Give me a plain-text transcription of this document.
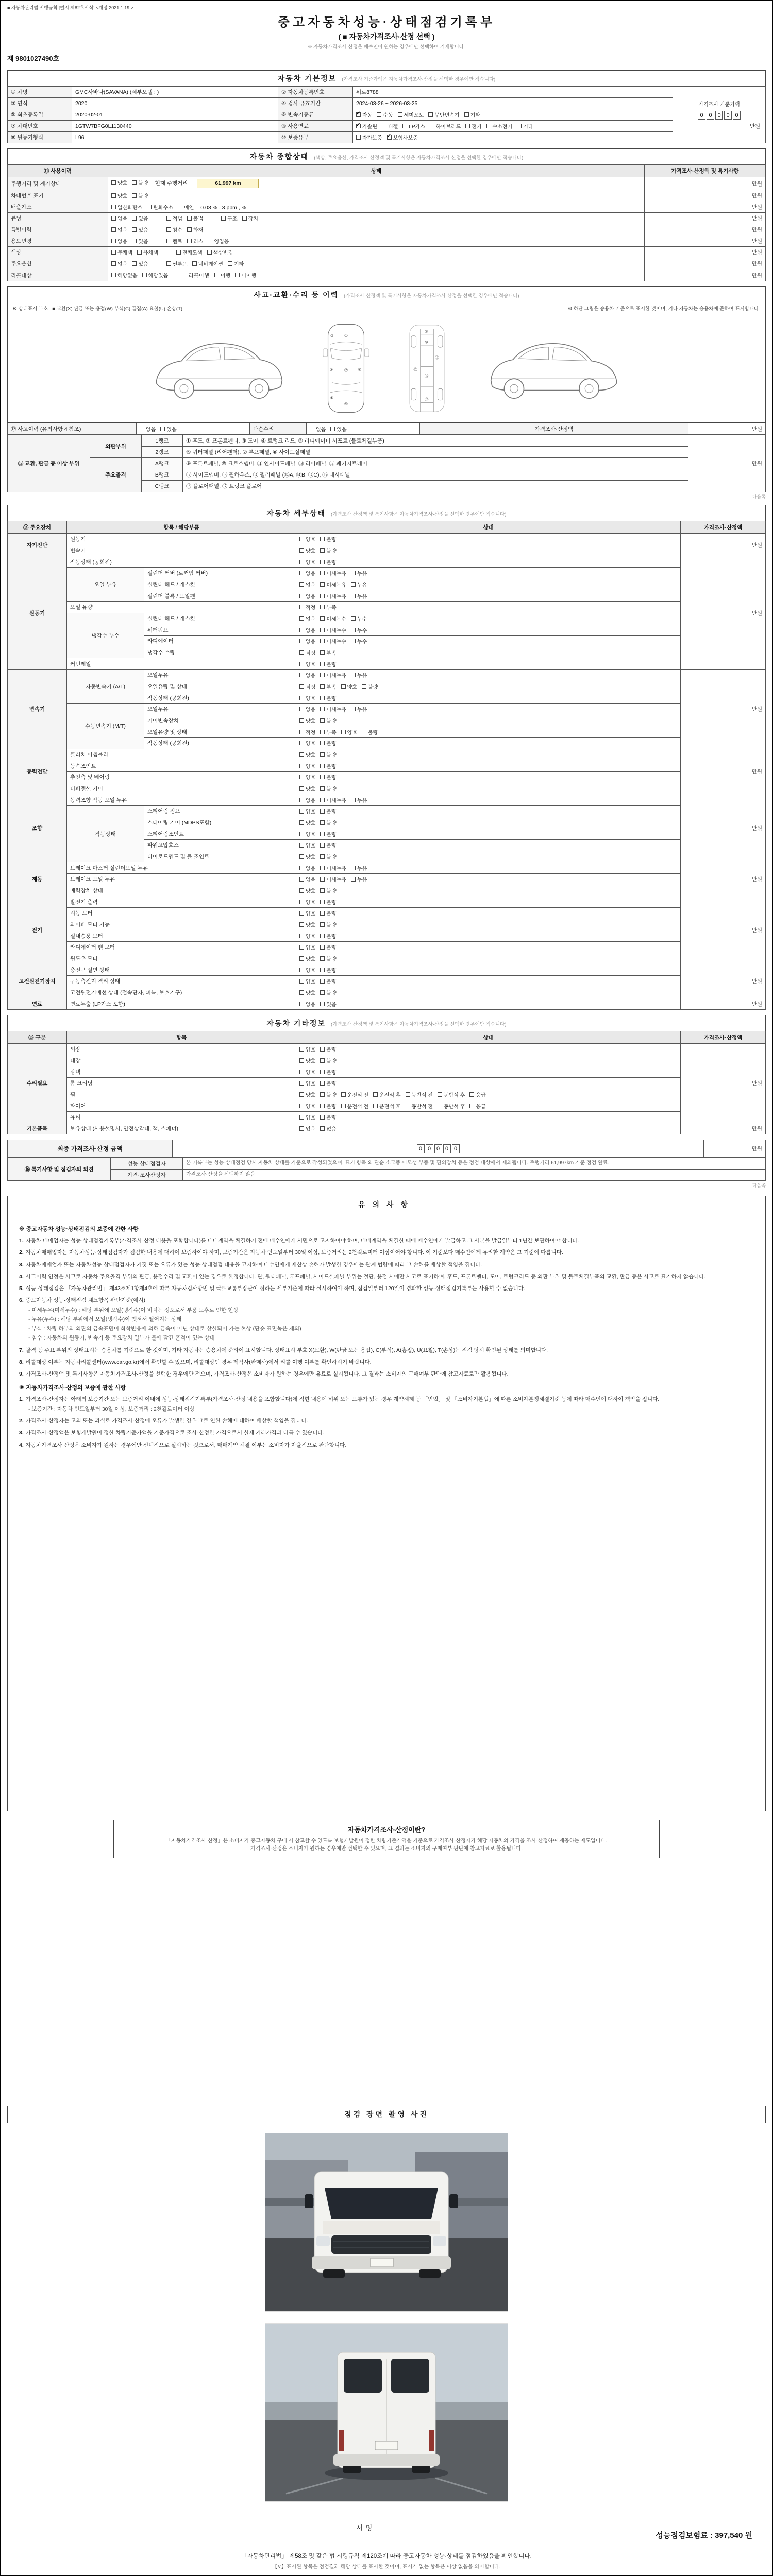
■ 자동차관리법 시행규칙 [별지 제82호서식] <개정 2021.1.19.>
중고자동차성능·상태점검기록부
( ■ 자동차가격조사·산정 선택 )
※ 자동차가격조사·산정은 매수인이 원하는 경우에만 선택하여 기재합니다.
제 9801027490호
자동차 기본정보 (가격조사 기준가액은 자동차가격조사·산정을 선택한 경우에만 적습니다)
① 차명	GMC사바나(SAVANA) (세부모델 : )	② 자동차등록번호	워로8788	가격조사 기준가액
0 0 0 0 0
만원

③ 연식	2020	④ 검사 유효기간	2024-03-26 ~ 2026-03-25	
⑤ 최초등록일	2020-02-01	⑥ 변속기종류	
✔자동 수동 세미오토 무단변속기 기타

⑦ 차대번호	1GTW7BFG0L1130440	⑧ 사용연료	
✔가솔린 디젤 LP가스 하이브리드 전기 수소전기 기타

⑨ 원동기형식	L96	⑩ 보증유무	자가보증 ✔ 보험사보증
자동차 종합상태 (색상, 주요옵션, 가격조사·산정액 및 특기사항은 자동차가격조사·산정을 선택한 경우에만 적습니다)
⑪ 사용이력	상태	가격조사·산정액 및 특기사항
주행거리 및 계기상태	양호 불량 현재 주행거리 61,997 km	만원
차대번호 표기	양호 불량	만원
배출가스	일산화탄소 탄화수소 매연 0.03 % , 3 ppm , %	만원
튜닝	없음 있음	적법 불법	구조 장치	만원
특별이력	없음 있음 침수 화재	만원
용도변경	없음 있음 렌트 리스 영업용	만원
색상	무채색 유채색 전체도색 색상변경	만원
주요옵션	없음 있음 썬루프 네비게이션 기타	만원
리콜대상	해당없음 해당있음 리콜이행 이행 미이행	만원
사고·교환·수리 등 이력 (가격조사·산정액 및 특기사항은 자동차가격조사·산정을 선택한 경우에만 적습니다)
※ 상태표시 부호 : ■ 교환(X) 판금 또는 용접(W) 부식(C) 흠집(A) 요철(U) 손상(T)	※ 하단 그림은 승용차 기준으로 표시한 것이며, 기타 자동차는 승용차에 준하여 표시합니다.
①
②
③ ⑦ ⑧
⑥
④
⑨
⑩
⑫
⑬
⑯
⑰
⑫ 사고이력 (유의사항 4 참조)	없음 있음	단순수리	없음 있음	가격조사·산정액	만원
⑬ 교환, 판금 등 이상 부위	외판부위	1랭크	① 후드, ② 프론트펜더, ③ 도어, ④ 트렁크 리드, ⑤ 라디에이터 서포트 (볼트체결부품)	만원
		2랭크	⑥ 쿼터패널 (리어펜더), ⑦ 루프패널, ⑧ 사이드실패널	
	주요골격	A랭크	⑨ 프론트패널, ⑩ 크로스멤버, ⑪ 인사이드패널, ⑱ 리어패널, ⑲ 패키지트레이	
		B랭크	⑫ 사이드멤버, ⑬ 휠하우스, ⑭ 필러패널 (⑭A, ⑭B, ⑭C), ⑮ 대시패널	
		C랭크	⑯ 플로어패널, ⑰ 트렁크 플로어	
다음쪽
자동차 세부상태 (가격조사·산정액 및 특기사항은 자동차가격조사·산정을 선택한 경우에만 적습니다)
⑭ 주요장치	항목 / 해당부품		상태	가격조사·산정액
자기진단	원동기		양호 불량	만원
	변속기		양호 불량	

원동기	작동상태 (공회전)		양호 불량	만원
	오일 누유	실린더 커버 (로커암 커버)	없음 미세누유 누유	

		실린더 헤드 / 개스킷	없음 미세누유 누유	

		실린더 블록 / 오일팬	없음 미세누유 누유	

	오일 유량		적정 부족	

	냉각수 누수	실린더 헤드 / 개스킷	없음 미세누수 누수	

		워터펌프	없음 미세누수 누수	

		라디에이터	없음 미세누수 누수	

		냉각수 수량	적정 부족	

	커먼레일		양호 불량	

변속기	자동변속기 (A/T)	오일누유	없음 미세누유 누유	만원
		오일유량 및 상태	적정 부족 양호 불량	

		작동상태 (공회전)	양호 불량	

	수동변속기 (M/T)	오일누유	없음 미세누유 누유	

		기어변속장치	양호 불량	

		오일유량 및 상태	적정 부족 양호 불량	

		작동상태 (공회전)	양호 불량	

동력전달	클러치 어셈블리		양호 불량	만원
	등속조인트		양호 불량	

	추진축 및 베어링		양호 불량	

	디퍼렌셜 기어		양호 불량	

조향	동력조향 작동 오일 누유		없음 미세누유 누유	만원
	작동상태	스티어링 펌프	양호 불량	

		스티어링 기어 (MDPS포함)	양호 불량	

		스티어링조인트	양호 불량	

		파워고압호스	양호 불량	

		타이로드엔드 및 볼 조인트	양호 불량	

제동	브레이크 마스터 실린더오일 누유		없음 미세누유 누유	만원
	브레이크 오일 누유		없음 미세누유 누유	

	배력장치 상태		양호 불량	

전기	발전기 출력		양호 불량	만원
	시동 모터		양호 불량	

	와이퍼 모터 기능		양호 불량	

	실내송풍 모터		양호 불량	

	라디에이터 팬 모터		양호 불량	

	윈도우 모터		양호 불량	

고전원전기장치	충전구 절연 상태		양호 불량	만원
	구동축전지 격리 상태		양호 불량	

	고전원전기배선 상태 (접속단자, 피복, 보호기구)		양호 불량	

연료	연료누출 (LP가스 포함)		없음 있음	만원
자동차 기타정보 (가격조사·산정액 및 특기사항은 자동차가격조사·산정을 선택한 경우에만 적습니다)
⑮ 구분	항목	상태	가격조사·산정액
수리필요	외장	양호 불량	만원
	내장	양호 불량	

	광택	양호 불량	

	룸 크리닝	양호 불량	

휠	양호 불량 운전석 전 운전석 후 동반석 전 동반석 후 응급

타이어	양호 불량 운전석 전 운전석 후 동반석 전 동반석 후 응급

	유리	양호 불량	

기본품목	보유상태 (사용설명서, 안전삼각대, 잭, 스패너)	있음 없음	만원
최종 가격조사·산정 금액	0 0 0 0 0	만원
⑯ 특기사항 및 점검자의 의견	성능·상태점검자	본 기록부는 성능·상태점검 당시 자동차 상태를 기준으로 작성되었으며, 표기 항목 외 단순 소모품·마모성 부품 및 편의장치 등은 점검 대상에서 제외됩니다. 주행거리 61,997km 기준 점검 완료.
	가격·조사산정자	가격조사·산정을 선택하지 않음
다음쪽
유의사항
※ 중고자동차 성능·상태점검의 보증에 관한 사항
1. 자동차 매매업자는 성능·상태점검기록부(가격조사·산정 내용을 포함합니다)를 매매계약을 체결하기 전에 매수인에게 서면으로 고지하여야 하며, 매매계약을 체결한 때에 매수인에게 발급하고 그 사본을 발급일부터 1년간 보관하여야 합니다.
2. 자동차매매업자는 자동차성능·상태점검자가 점검한 내용에 대하여 보증하여야 하며, 보증기간은 자동차 인도일부터 30일 이상, 보증거리는 2천킬로미터 이상이어야 합니다. 이 기준보다 매수인에게 유리한 계약은 그 기준에 따릅니다.
3. 자동차매매업자 또는 자동차성능·상태점검자가 거짓 또는 오류가 있는 성능·상태점검 내용을 고지하여 매수인에게 재산상 손해가 발생한 경우에는 관계 법령에 따라 그 손해를 배상할 책임을 집니다.
4. 사고이력 인정은 사고로 자동차 주요골격 부위의 판금, 용접수리 및 교환이 있는 경우로 한정합니다. 단, 쿼터패널, 루프패널, 사이드실패널 부위는 절단, 용접 시에만 사고로 표기하며, 후드, 프론트펜더, 도어, 트렁크리드 등 외판 부위 및 볼트체결부품의 교환, 판금 등은 사고로 표기하지 않습니다.
5. 성능·상태점검은 「자동차관리법」 제43조제1항제4호에 따른 자동차검사방법 및 국토교통부장관이 정하는 세부기준에 따라 실시하여야 하며, 점검일부터 120일이 경과한 성능·상태점검기록부는 사용할 수 없습니다.
6. 중고자동차 성능·상태점검 체크항목 판단기준(예시)
- 미세누유(미세누수) : 해당 부위에 오일(냉각수)이 비치는 정도로서 부품 노후로 인한 현상
- 누유(누수) : 해당 부위에서 오일(냉각수)이 맺혀서 떨어지는 상태
- 부식 : 차량 하부와 외판의 금속표면이 화학반응에 의해 금속이 아닌 상태로 상실되어 가는 현상 (단순 표면녹은 제외)
- 침수 : 자동차의 원동기, 변속기 등 주요장치 일부가 물에 잠긴 흔적이 있는 상태
7. 골격 등 주요 부위의 상태표시는 승용차를 기준으로 한 것이며, 기타 자동차는 승용차에 준하여 표시합니다. 상태표시 부호 X(교환), W(판금 또는 용접), C(부식), A(흠집), U(요철), T(손상)는 점검 당시 확인된 상태를 의미합니다.
8. 리콜대상 여부는 자동차리콜센터(www.car.go.kr)에서 확인할 수 있으며, 리콜대상인 경우 제작사(판매사)에서 리콜 이행 여부를 확인하시기 바랍니다.
9. 가격조사·산정액 및 특기사항은 자동차가격조사·산정을 선택한 경우에만 적으며, 가격조사·산정은 소비자가 원하는 경우에만 유료로 실시됩니다. 그 결과는 소비자의 구매여부 판단에 참고자료로만 활용됩니다.
※ 자동차가격조사·산정의 보증에 관한 사항
1. 가격조사·산정자는 아래의 보증기간 또는 보증거리 이내에 성능·상태점검기록부(가격조사·산정 내용을 포함합니다)에 적힌 내용에 허위 또는 오류가 있는 경우 계약해제 등 「민법」 및 「소비자기본법」에 따른 소비자분쟁해결기준 등에 따라 매수인에 대하여 책임을 집니다.
- 보증기간 : 자동차 인도일부터 30일 이상, 보증거리 : 2천킬로미터 이상
2. 가격조사·산정자는 고의 또는 과실로 가격조사·산정에 오류가 발생한 경우 그로 인한 손해에 대하여 배상할 책임을 집니다.
3. 가격조사·산정액은 보험개발원이 정한 차량기준가액을 기준가격으로 조사·산정한 가격으로서 실제 거래가격과 다를 수 있습니다.
4. 자동차가격조사·산정은 소비자가 원하는 경우에만 선택적으로 실시하는 것으로서, 매매계약 체결 여부는 소비자가 자율적으로 판단합니다.
자동차가격조사·산정이란?
「자동차가격조사·산정」은 소비자가 중고자동차 구매 시 참고할 수 있도록 보험개발원이 정한 차량기준가액을 기준으로 가격조사·산정자가 해당 자동차의 가격을 조사·산정하여 제공하는 제도입니다.
가격조사·산정은 소비자가 원하는 경우에만 선택할 수 있으며, 그 결과는 소비자의 구매여부 판단에 참고자료로 활용됩니다.
점검 장면 촬영 사진
서명
성능점검보험료 : 397,540 원
「자동차관리법」 제58조 및 같은 법 시행규칙 제120조에 따라 중고자동차 성능·상태를 점검하였음을 확인합니다.
【∨】표시된 항목은 점검결과 해당 상태를 표시한 것이며, 표시가 없는 항목은 이상 없음을 의미합니다.
